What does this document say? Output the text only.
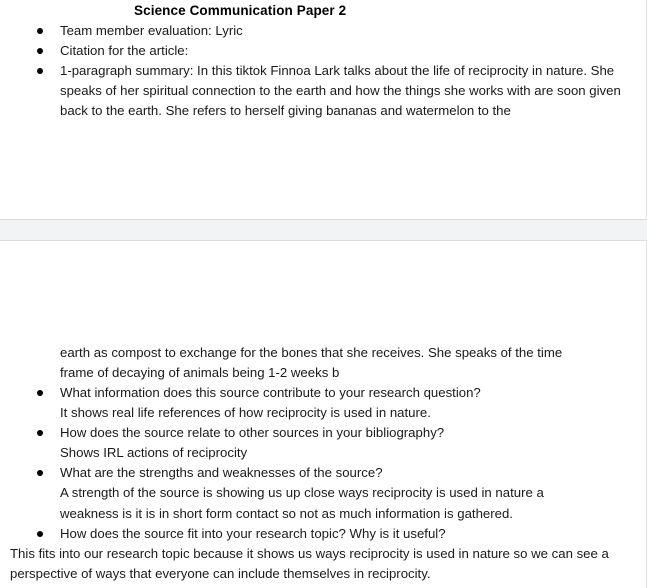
Science Communication Paper 2
Team member evaluation: Lyric
Citation for the article:
1-paragraph summary: In this tiktok Finnoa Lark talks about the life of reciprocity in nature. She speaks of her spiritual connection to the earth and how the things she works with are soon given back to the earth. She refers to herself giving bananas and watermelon to the
earth as compost to exchange for the bones that she receives. She speaks of the time frame of decaying of animals being 1-2 weeks b
What information does this source contribute to your research question?
It shows real life references of how reciprocity is used in nature.
How does the source relate to other sources in your bibliography?
Shows IRL actions of reciprocity
What are the strengths and weaknesses of the source?
A strength of the source is showing us up close ways reciprocity is used in nature a weakness is it is in short form contact so not as much information is gathered.
How does the source fit into your research topic? Why is it useful?
This fits into our research topic because it shows us ways reciprocity is used in nature so we can see a perspective of ways that everyone can include themselves in reciprocity.
